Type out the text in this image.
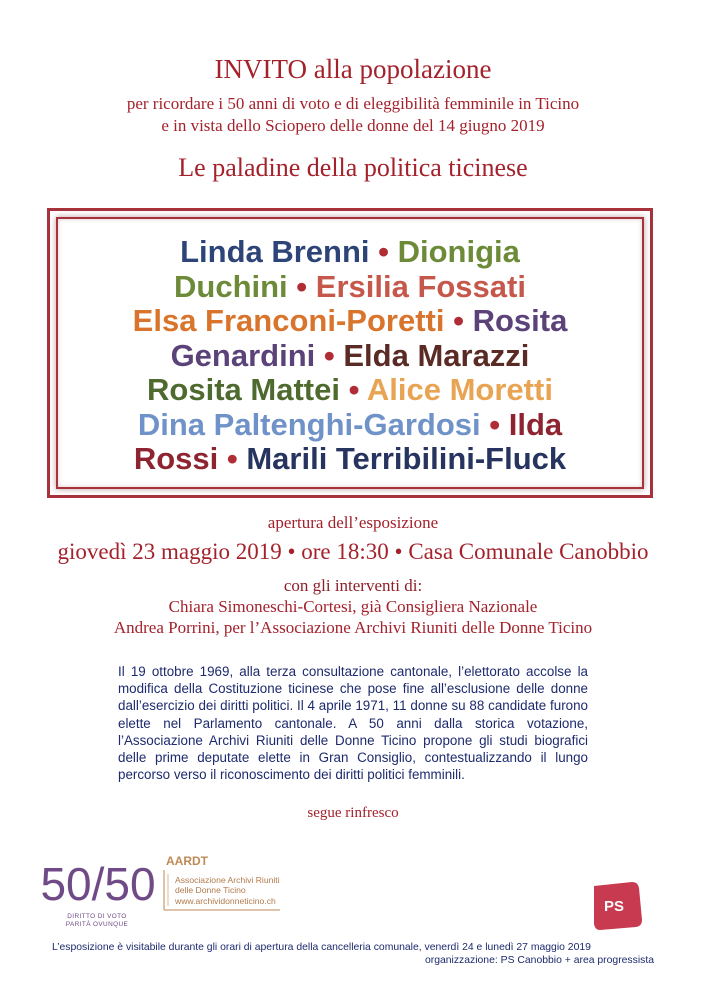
INVITO alla popolazione
per ricordare i 50 anni di voto e di eleggibilità femminile in Ticino
e in vista dello Sciopero delle donne del 14 giugno 2019
Le paladine della politica ticinese
Linda Brenni • Dionigia
Duchini • Ersilia Fossati
Elsa Franconi-Poretti • Rosita
Genardini • Elda Marazzi
Rosita Mattei • Alice Moretti
Dina Paltenghi-Gardosi • Ilda
Rossi • Marili Terribilini-Fluck
apertura dell’esposizione
giovedì 23 maggio 2019 • ore 18:30 • Casa Comunale Canobbio
con gli interventi di:
Chiara Simoneschi-Cortesi, già Consigliera Nazionale
Andrea Porrini, per l’Associazione Archivi Riuniti delle Donne Ticino
Il 19 ottobre 1969, alla terza consultazione cantonale, l’elettorato accolse la modifica della Costituzione ticinese che pose fine all’esclusione delle donne dall’esercizio dei diritti politici. Il 4 aprile 1971, 11 donne su 88 candidate furono elette nel Parlamento cantonale. A 50 anni dalla storica votazione, l’Associazione Archivi Riuniti delle Donne Ticino propone gli studi biografici delle prime deputate elette in Gran Consiglio, contestualizzando il lungo percorso verso il riconoscimento dei diritti politici femminili.
segue rinfresco
50/50
DIRITTO DI VOTO
PARITÀ OVUNQUE
AARDT
Associazione Archivi Riuniti
delle Donne Ticino
www.archividonneticino.ch	PS
L’esposizione è visitabile durante gli orari di apertura della cancelleria comunale, venerdì 24 e lunedì 27 maggio 2019
organizzazione: PS Canobbio + area progressista
